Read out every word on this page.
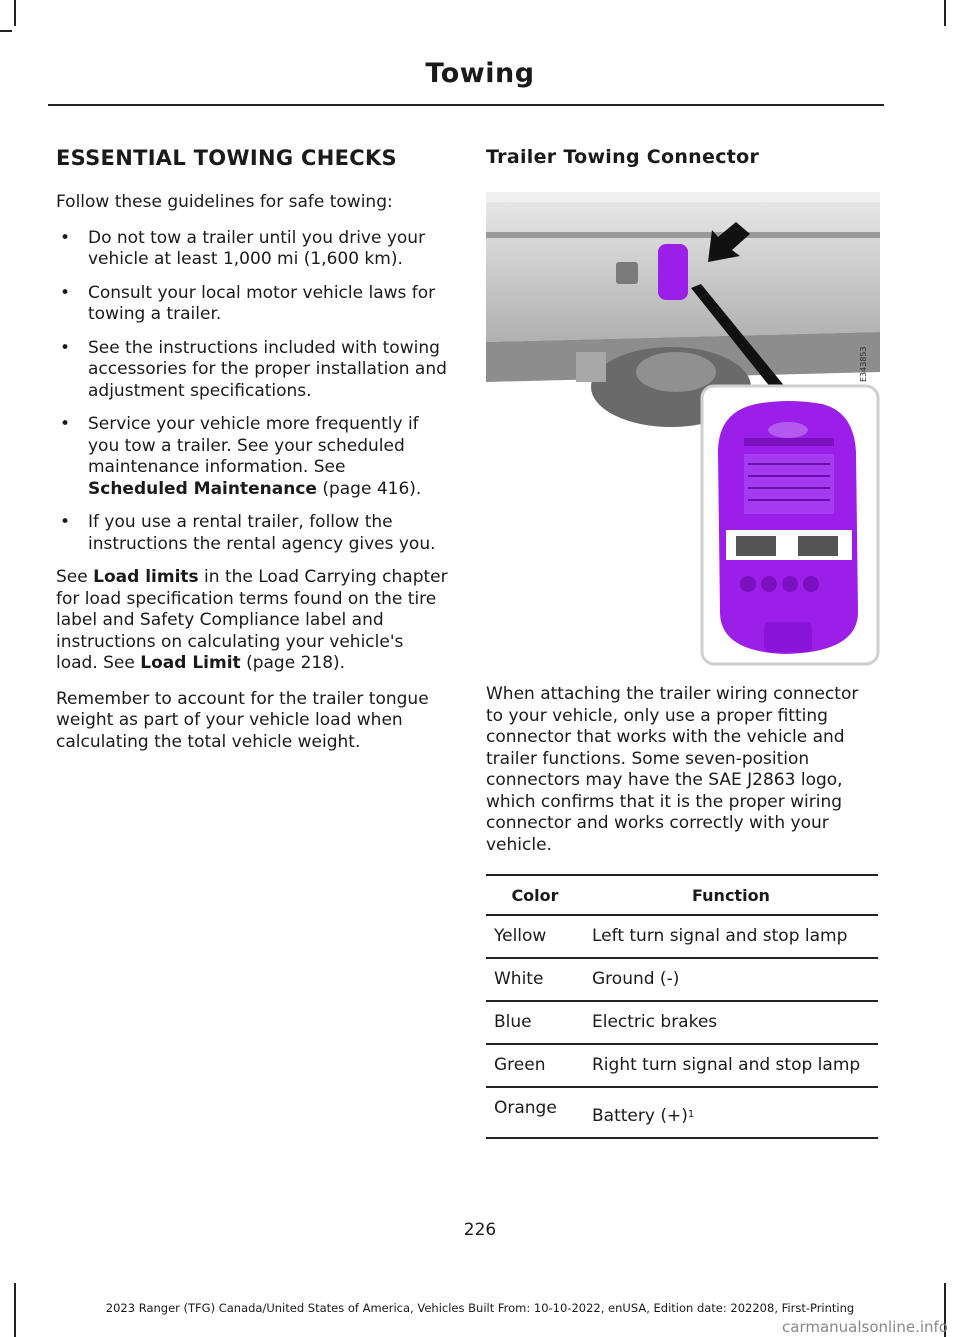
Towing
ESSENTIAL TOWING CHECKS

Follow these guidelines for safe towing:

• Do not tow a trailer until you drive your vehicle at least 1,000 mi (1,600 km).
• Consult your local motor vehicle laws for towing a trailer.
• See the instructions included with towing accessories for the proper installation and adjustment specifications.
• Service your vehicle more frequently if you tow a trailer. See your scheduled maintenance information. See Scheduled Maintenance (page 416).
• If you use a rental trailer, follow the instructions the rental agency gives you.

See Load limits in the Load Carrying chapter for load specification terms found on the tire label and Safety Compliance label and instructions on calculating your vehicle's load. See Load Limit (page 218).

Remember to account for the trailer tongue weight as part of your vehicle load when calculating the total vehicle weight.

Trailer Towing Connector
E343853

When attaching the trailer wiring connector to your vehicle, only use a proper fitting connector that works with the vehicle and trailer functions. Some seven-position connectors may have the SAE J2863 logo, which confirms that it is the proper wiring connector and works correctly with your vehicle.

Color	Function
Yellow	Left turn signal and stop lamp
White	Ground (-)
Blue	Electric brakes
Green	Right turn signal and stop lamp
Orange	Battery $(+)^1$
226
2023 Ranger (TFG) Canada/United States of America, Vehicles Built From: 10-10-2022, enUSA, Edition date: 202208, First-Printing
carmanualsonline.info
